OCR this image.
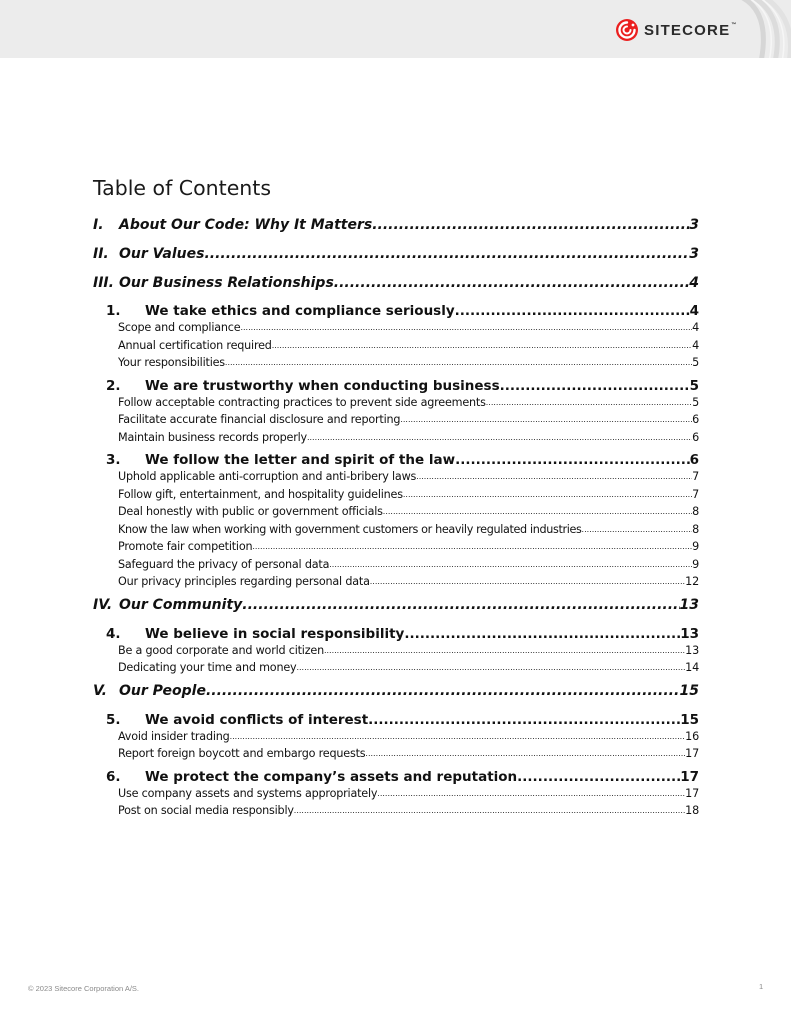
SITECORE™
Table of Contents
I. About Our Code: Why It Matters .....	3
II. Our Values .....	3
III. Our Business Relationships .....	4
1. We take ethics and compliance seriously .....	4
Scope and compliance .....	4
Annual certification required .....	4
Your responsibilities .....	5
2. We are trustworthy when conducting business .....	5
Follow acceptable contracting practices to prevent side agreements .....	5
Facilitate accurate financial disclosure and reporting .....	6
Maintain business records properly .....	6
3. We follow the letter and spirit of the law .....	6
Uphold applicable anti-corruption and anti-bribery laws .....	7
Follow gift, entertainment, and hospitality guidelines .....	7
Deal honestly with public or government officials .....	8
Know the law when working with government customers or heavily regulated industries .....	8
Promote fair competition .....	9
Safeguard the privacy of personal data .....	9
Our privacy principles regarding personal data .....	12
IV. Our Community .....	13
4. We believe in social responsibility .....	13
Be a good corporate and world citizen .....	13
Dedicating your time and money .....	14
V. Our People .....	15
5. We avoid conflicts of interest .....	15
Avoid insider trading .....	16
Report foreign boycott and embargo requests .....	17
6. We protect the company’s assets and reputation .....	17
Use company assets and systems appropriately .....	17
Post on social media responsibly .....	18
© 2023 Sitecore Corporation A/S.	1
